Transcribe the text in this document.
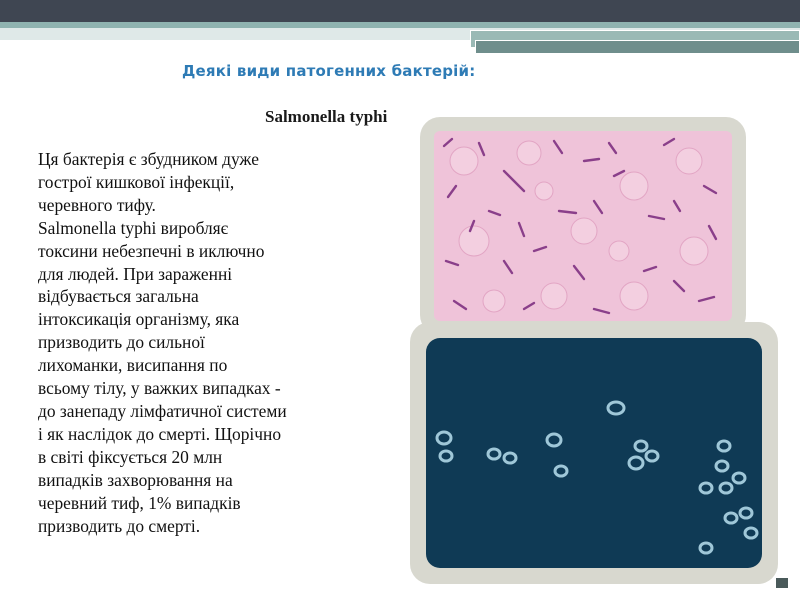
Деякі види патогенних бактерій:
Salmonella typhi

Ця бактерія є збудником дуже
гострої кишкової інфекції,
черевного тифу.
Salmonella typhi виробляє
токсини небезпечні в иключно
для людей. При зараженні
відбувається загальна
інтоксикація організму, яка
призводить до сильної
лихоманки, висипання по
всьому тілу, у важких випадках -
до занепаду лімфатичної системи
і як наслідок до смерті. Щорічно
в світі фіксується 20 млн
випадків захворювання на
черевний тиф, 1% випадків
призводить до смерті.
